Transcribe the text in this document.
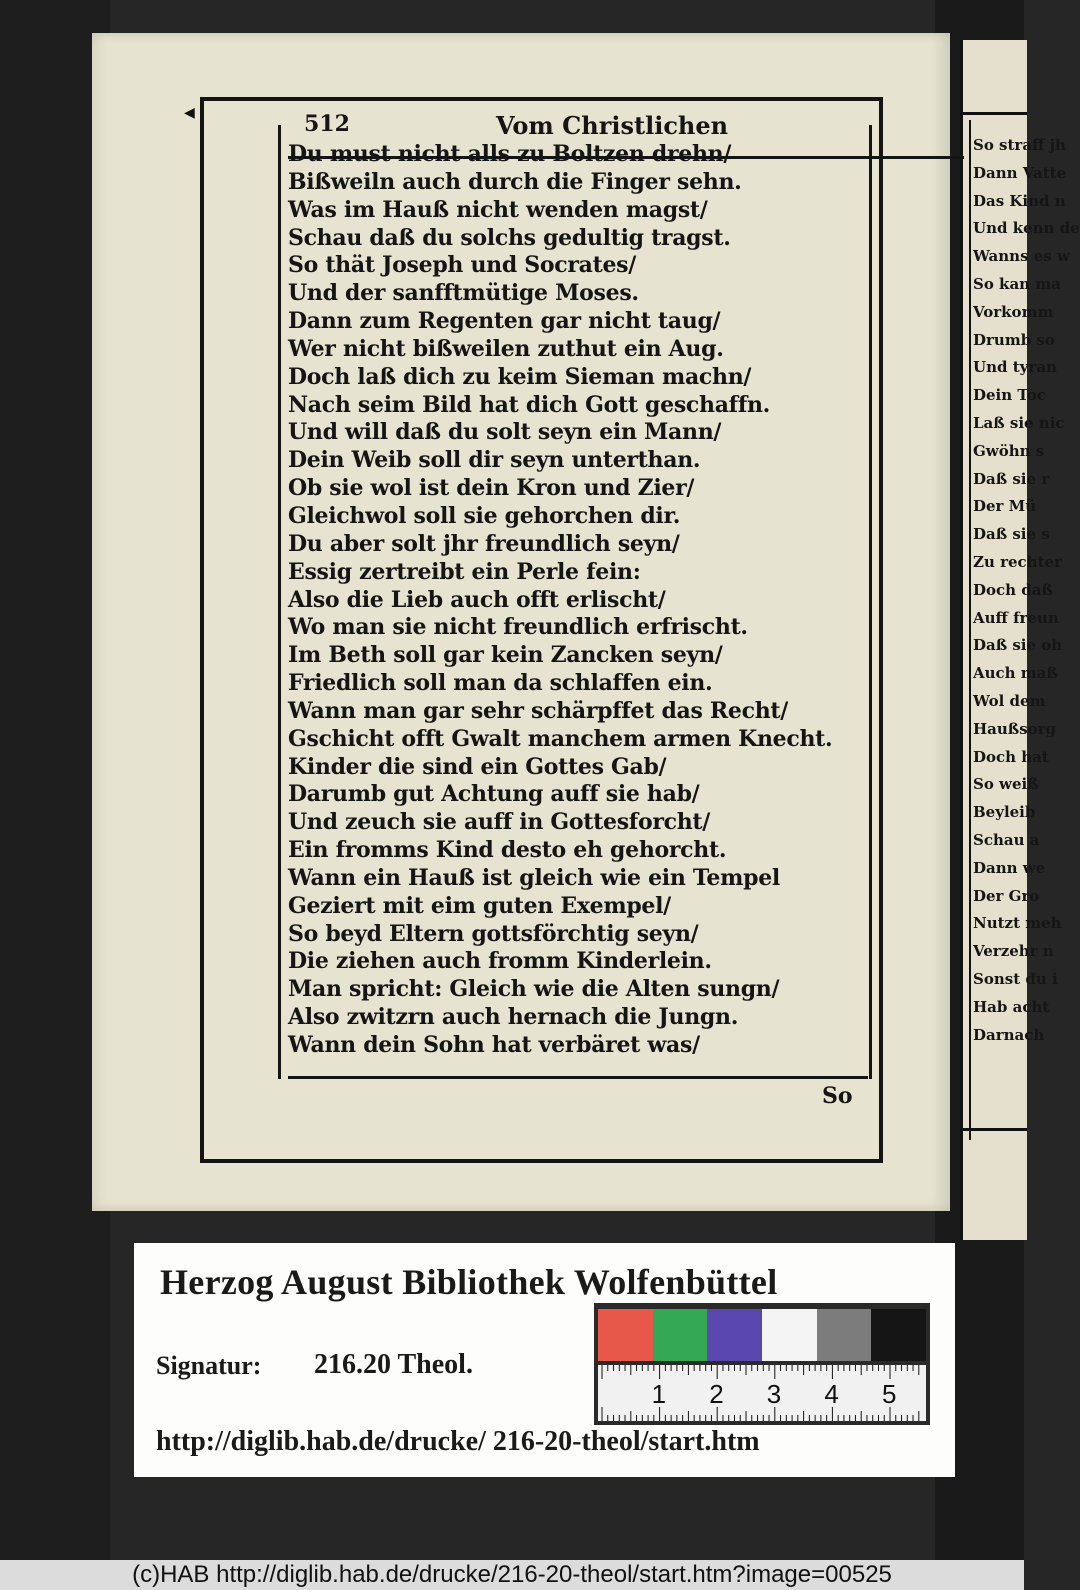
So straff jh
Dann Vatte
Das Kind n
Und kenn de
Wanns es w
So kan ma
Vorkomm
Drumb so
Und tyran
Dein Toc
Laß sie nic
Gwöhn s
Daß sie r
Der Mü
Daß sie s
Zu rechter
Doch daß
Auff freun
Daß sie oh
Auch maß
Wol dem
Haußsorg
Doch hat
So weiß
Beyleib
Schau a
Dann we
Der Gro
Nutzt meh
Verzehr n
Sonst du i
Hab acht
Darnach
◀	512	Vom Christlichen
Du must nicht alls zu Boltzen drehn/
Bißweiln auch durch die Finger sehn.
Was im Hauß nicht wenden magst/
Schau daß du solchs gedultig tragst.
So thät Joseph und Socrates/
Und der sanfftmütige Moses.
Dann zum Regenten gar nicht taug/
Wer nicht bißweilen zuthut ein Aug.
Doch laß dich zu keim Sieman machn/
Nach seim Bild hat dich Gott geschaffn.
Und will daß du solt seyn ein Mann/
Dein Weib soll dir seyn unterthan.
Ob sie wol ist dein Kron und Zier/
Gleichwol soll sie gehorchen dir.
Du aber solt jhr freundlich seyn/
Essig zertreibt ein Perle fein:
Also die Lieb auch offt erlischt/
Wo man sie nicht freundlich erfrischt.
Im Beth soll gar kein Zancken seyn/
Friedlich soll man da schlaffen ein.
Wann man gar sehr schärpffet das Recht/
Gschicht offt Gwalt manchem armen Knecht.
Kinder die sind ein Gottes Gab/
Darumb gut Achtung auff sie hab/
Und zeuch sie auff in Gottesforcht/
Ein fromms Kind desto eh gehorcht.
Wann ein Hauß ist gleich wie ein Tempel
Geziert mit eim guten Exempel/
So beyd Eltern gottsförchtig seyn/
Die ziehen auch fromm Kinderlein.
Man spricht: Gleich wie die Alten sungn/
Also zwitzrn auch hernach die Jungn.
Wann dein Sohn hat verbäret was/
So
Herzog August Bibliothek Wolfenbüttel
Signatur: 216.20 Theol.
1 2 3 4 5
http://diglib.hab.de/drucke/ 216-20-theol/start.htm
(c)HAB http://diglib.hab.de/drucke/216-20-theol/start.htm?image=00525
